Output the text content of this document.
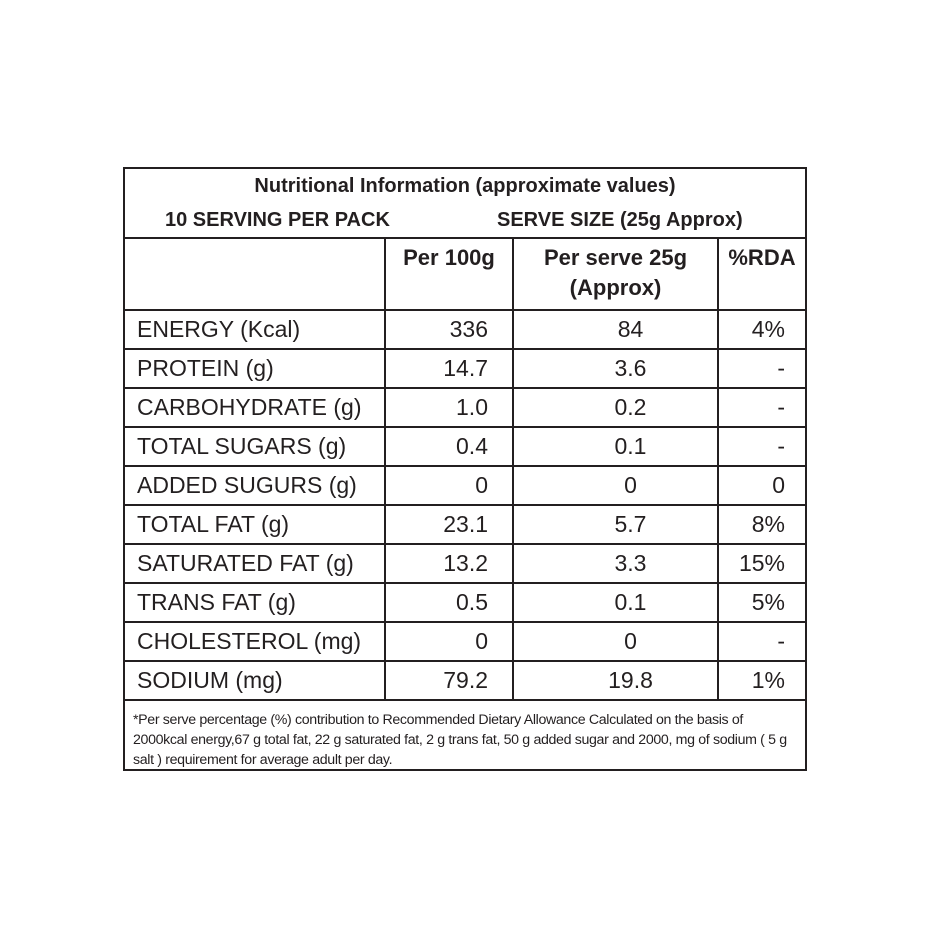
Nutritional Information (approximate values)
10 SERVING PER PACK	SERVE SIZE (25g Approx)
	Per 100g	Per serve 25g (Approx)	%RDA
ENERGY (Kcal)	336	84	4%
PROTEIN (g)	14.7	3.6	-
CARBOHYDRATE (g)	1.0	0.2	-
TOTAL SUGARS (g)	0.4	0.1	-
ADDED SUGURS (g)	0	0	0
TOTAL FAT (g)	23.1	5.7	8%
SATURATED FAT (g)	13.2	3.3	15%
TRANS FAT (g)	0.5	0.1	5%
CHOLESTEROL (mg)	0	0	-
SODIUM (mg)	79.2	19.8	1%
*Per serve percentage (%) contribution to Recommended Dietary Allowance Calculated on the basis of 2000kcal energy,67 g total fat, 22 g saturated fat, 2 g trans fat, 50 g added sugar and 2000, mg of sodium ( 5 g salt ) requirement for average adult per day.
